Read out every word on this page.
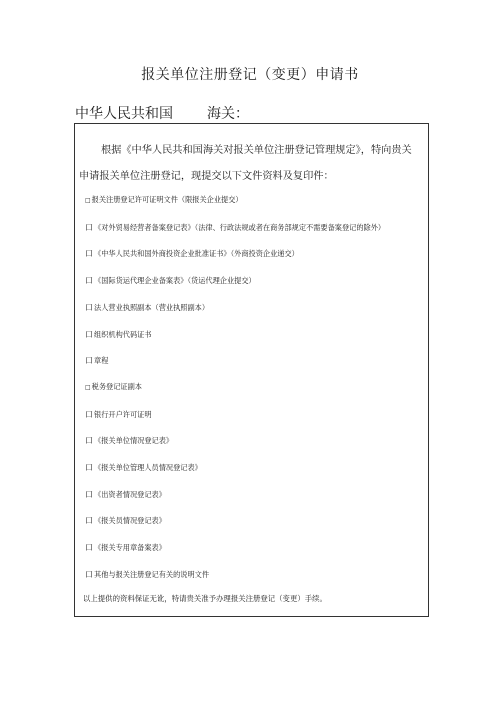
报关单位注册登记（变更）申请书
中华人民共和国 海关：
根据《中华人民共和国海关对报关单位注册登记管理规定》，特向贵关申请报关单位注册登记，现提交以下文件资料及复印件：
□报关注册登记许可证明文件（限报关企业提交）
口《对外贸易经营者备案登记表》（法律、行政法规或者在商务部规定不需要备案登记的除外）
口《中华人民共和国外商投资企业批准证书》（外商投资企业递交）
口《国际货运代理企业备案表》（货运代理企业提交）
口法人营业执照副本（营业执照副本）
口组织机构代码证书
口章程
□税务登记证副本
口银行开户许可证明
口《报关单位情况登记表》
口《报关单位管理人员情况登记表》
口《出资者情况登记表》
口《报关员情况登记表》
口《报关专用章备案表》
口其他与报关注册登记有关的说明文件
以上提供的资料保证无讹，特请贵关准予办理报关注册登记（变更）手续。
